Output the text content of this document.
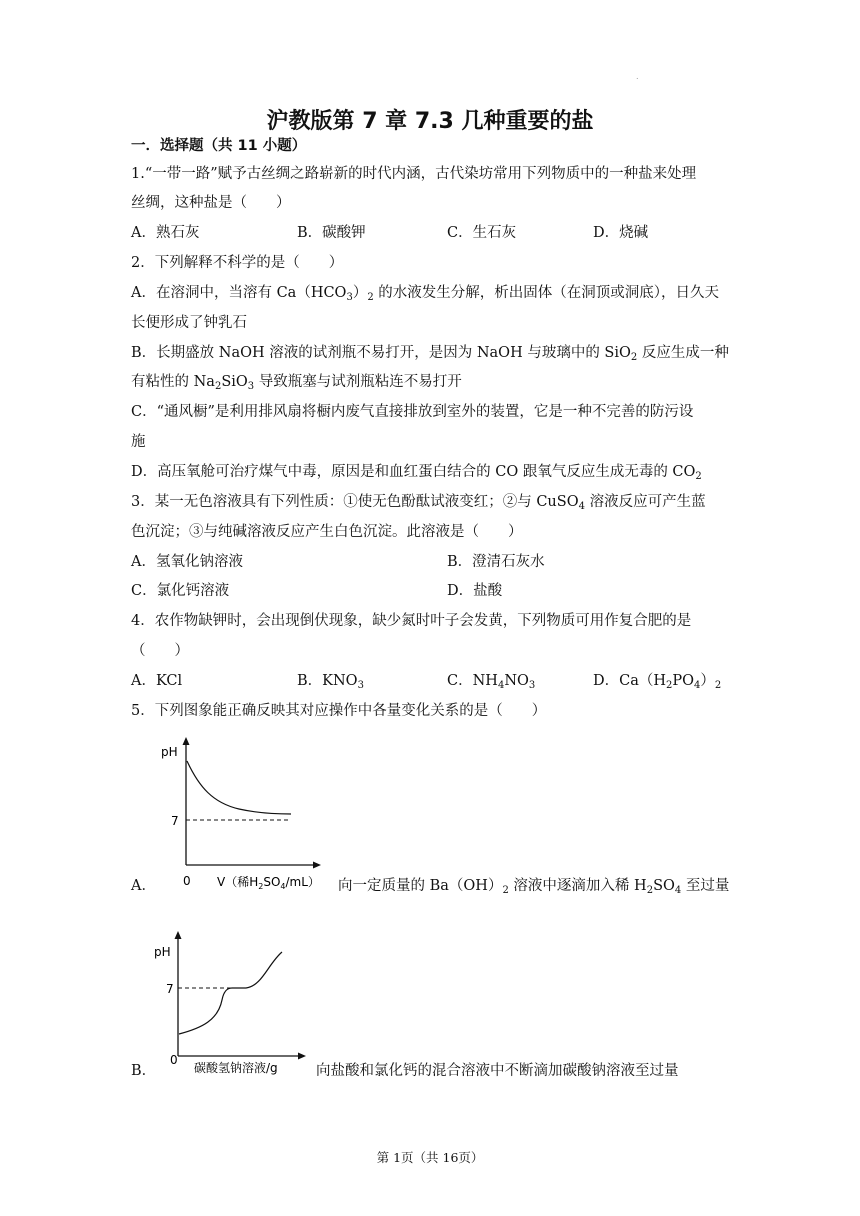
.
沪教版第 7 章 7.3 几种重要的盐
一．选择题（共 11 小题）
1.“一带一路”赋予古丝绸之路崭新的时代内涵，古代染坊常用下列物质中的一种盐来处理
丝绸，这种盐是（　　）
A．熟石灰	B．碳酸钾	C．生石灰	D．烧碱
2．下列解释不科学的是（　　）
A．在溶洞中，当溶有 $Ca(HCO_3)_2$ 的水液发生分解，析出固体（在洞顶或洞底），日久天
长便形成了钟乳石
B．长期盛放 NaOH 溶液的试剂瓶不易打开，是因为 NaOH 与玻璃中的 SiO$_2$ 反应生成一种
有粘性的 $Na_2SiO_3$ 导致瓶塞与试剂瓶粘连不易打开
C．“通风橱”是利用排风扇将橱内废气直接排放到室外的装置，它是一种不完善的防污设
施
D．高压氧舱可治疗煤气中毒，原因是和血红蛋白结合的 CO 跟氧气反应生成无毒的 $CO_2$
3．某一无色溶液具有下列性质：①使无色酚酞试液变红；②与 CuSO$_4$ 溶液反应可产生蓝
色沉淀；③与纯碱溶液反应产生白色沉淀。此溶液是（　　）
A．氢氧化钠溶液	B．澄清石灰水
C．氯化钙溶液	D．盐酸
4．农作物缺钾时，会出现倒伏现象，缺少氮时叶子会发黄，下列物质可用作复合肥的是
（　　）
A．KCl	B．$KNO_3$	C．$NH_4NO_3$	D．$Ca(H_2PO_4)_2$
5．下列图象能正确反映其对应操作中各量变化关系的是（　　）
pH
7
0 V（稀$H_2SO_4/mL$）
A．	向一定质量的 $Ba(OH)_2$ 溶液中逐滴加入稀 $H_2SO_4$ 至过量
pH
7
0
碳酸氢钠溶液/g
B．	向盐酸和氯化钙的混合溶液中不断滴加碳酸钠溶液至过量
第 1页（共 16页）
